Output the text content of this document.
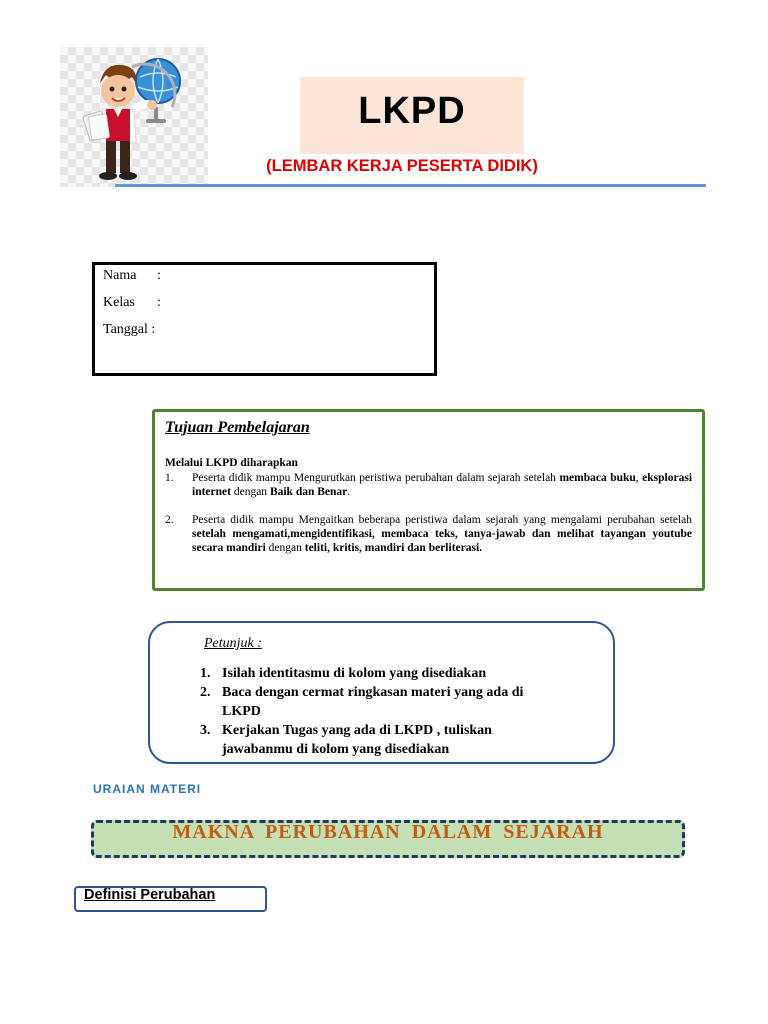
LKPD
(LEMBAR KERJA PESERTA DIDIK)
Nama :
Kelas :
Tanggal :
Tujuan Pembelajaran
Melalui LKPD diharapkan
1. Peserta didik mampu Mengurutkan peristiwa perubahan dalam sejarah setelah membaca buku, eksplorasi internet dengan Baik dan Benar.
2. Peserta didik mampu Mengaitkan beberapa peristiwa dalam sejarah yang mengalami perubahan setelah setelah mengamati,mengidentifikasi, membaca teks, tanya-jawab dan melihat tayangan youtube secara mandiri dengan teliti, kritis, mandiri dan berliterasi.
Petunjuk :
1. Isilah identitasmu di kolom yang disediakan
2. Baca dengan cermat ringkasan materi yang ada di LKPD
3. Kerjakan Tugas yang ada di LKPD , tuliskan jawabanmu di kolom yang disediakan
URAIAN MATERI
MAKNA PERUBAHAN DALAM SEJARAH
Definisi Perubahan
